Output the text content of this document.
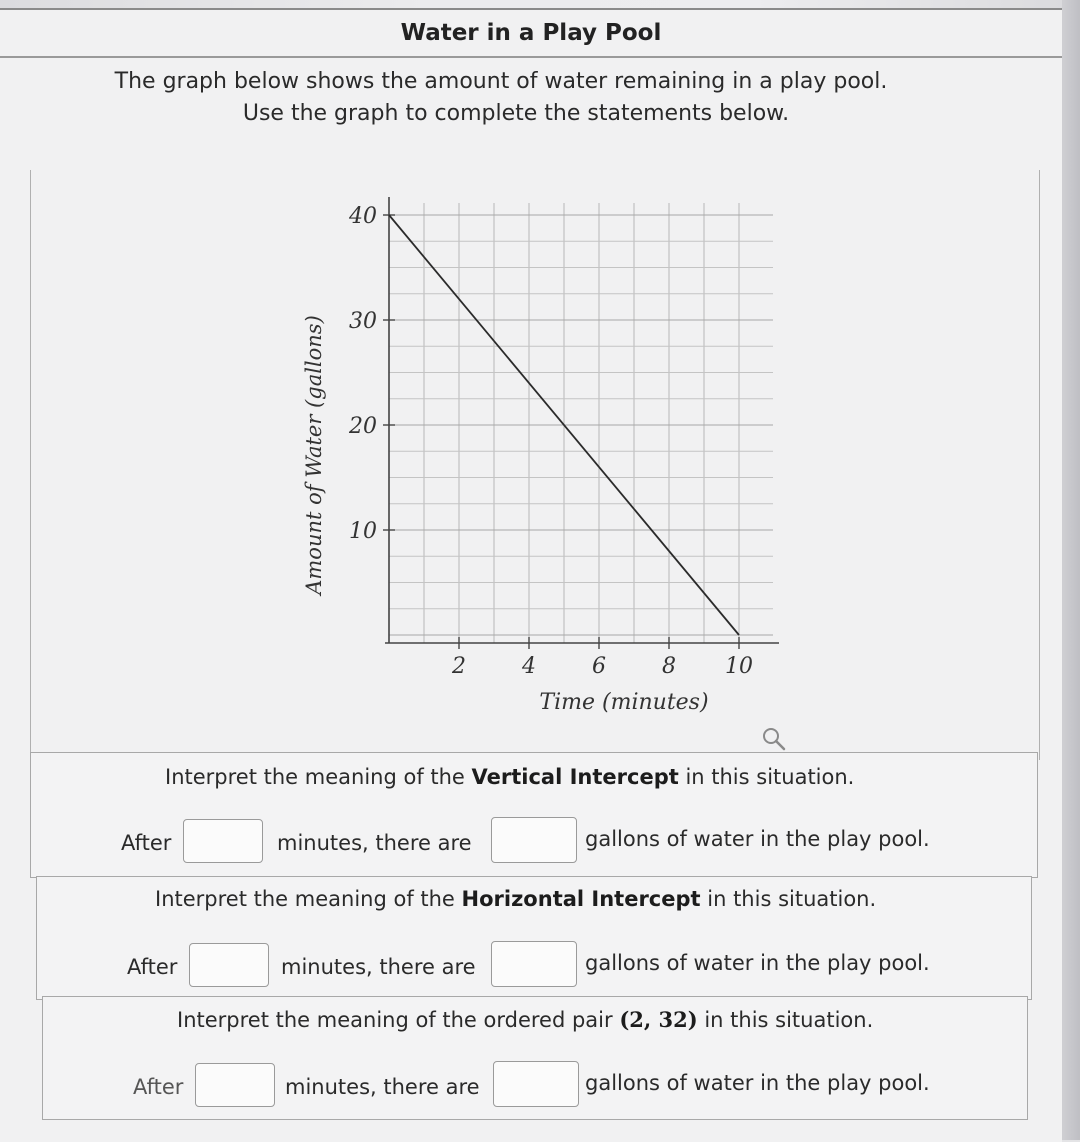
Water in a Play Pool
The graph below shows the amount of water remaining in a play pool.
Use the graph to complete the statements below.
10
20
30
40
2	4	6	8 10
Time (minutes)
Amount of Water (gallons)
Interpret the meaning of the Vertical Intercept in this situation.
After	minutes, there are	gallons of water in the play pool.
Interpret the meaning of the Horizontal Intercept in this situation.
After	minutes, there are	gallons of water in the play pool.
Interpret the meaning of the ordered pair (2, 32) in this situation.
After	minutes, there are	gallons of water in the play pool.
